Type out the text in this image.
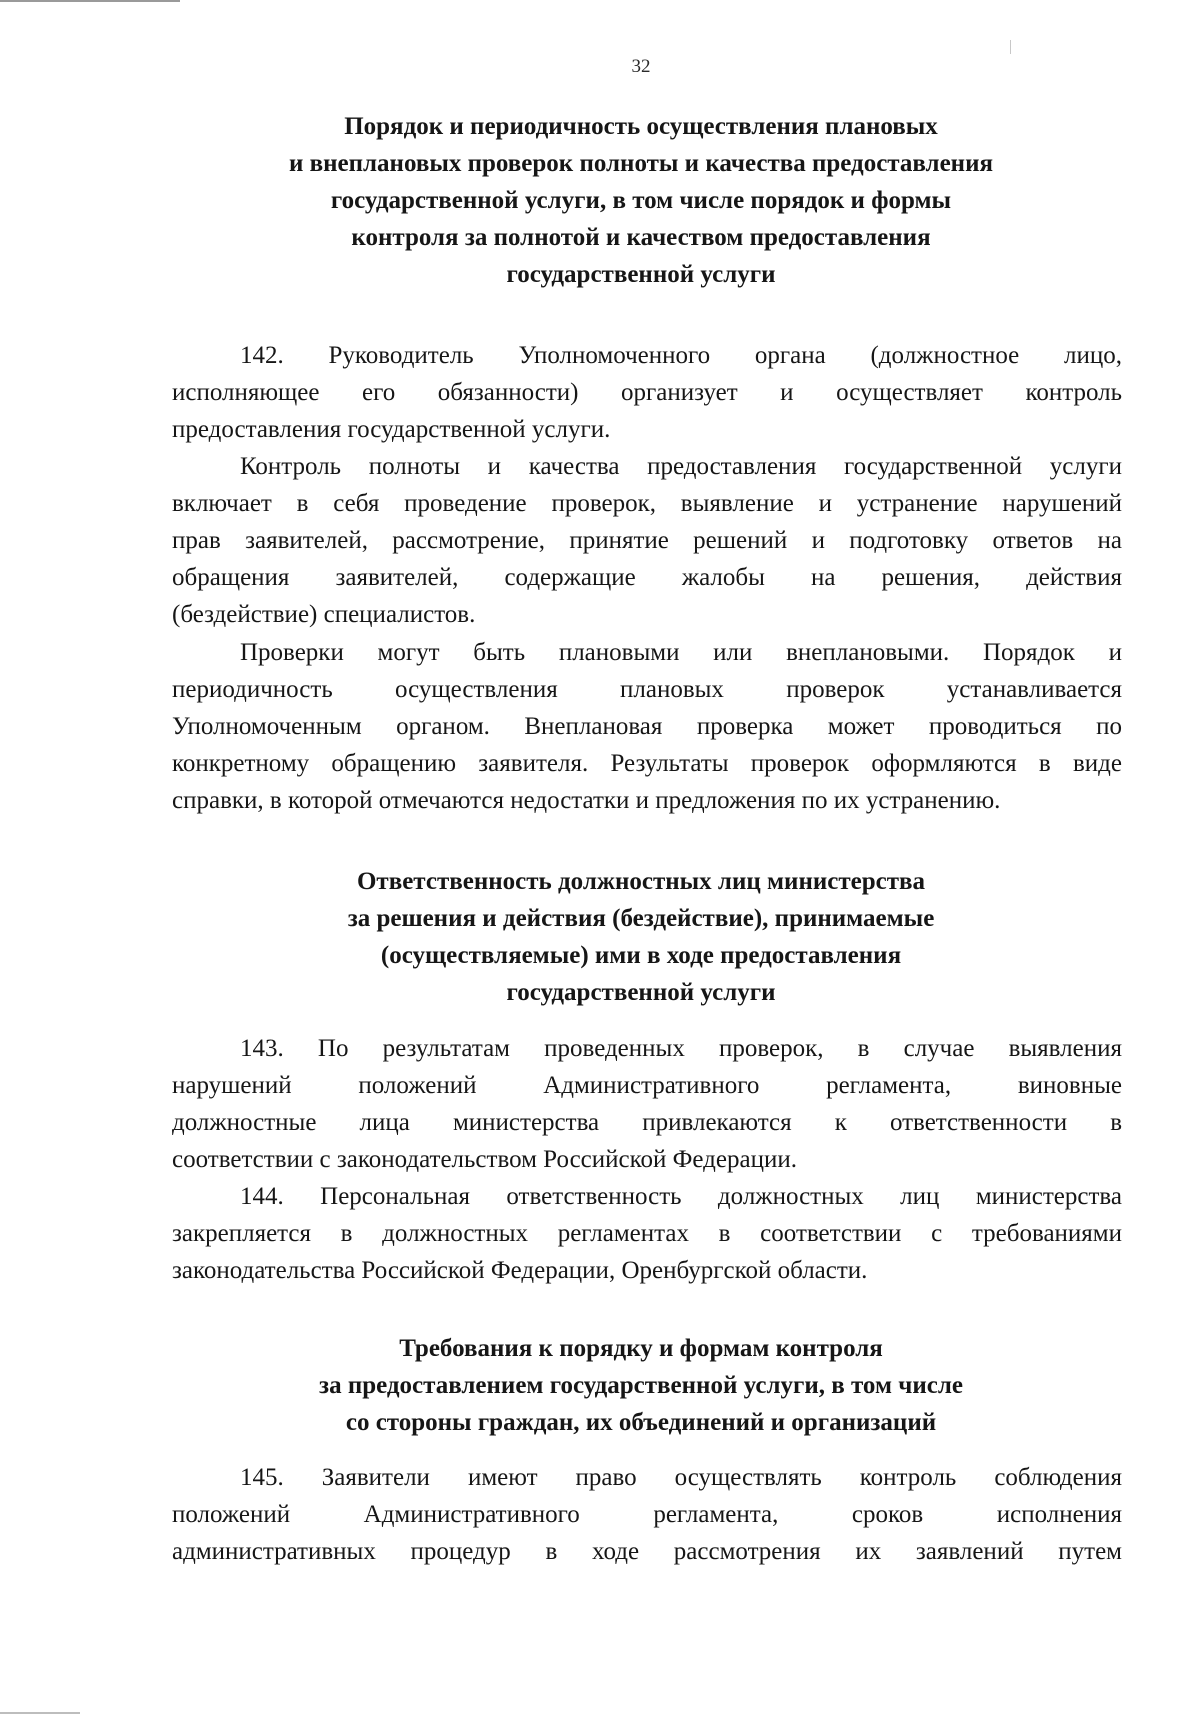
32
Порядок и периодичность осуществления плановых
и внеплановых проверок полноты и качества предоставления
государственной услуги, в том числе порядок и формы
контроля за полнотой и качеством предоставления
государственной услуги
142. Руководитель Уполномоченного органа (должностное лицо,
исполняющее его обязанности) организует и осуществляет контроль
предоставления государственной услуги.
Контроль полноты и качества предоставления государственной услуги
включает в себя проведение проверок, выявление и устранение нарушений
прав заявителей, рассмотрение, принятие решений и подготовку ответов на
обращения заявителей, содержащие жалобы на решения, действия
(бездействие) специалистов.
Проверки могут быть плановыми или внеплановыми. Порядок и
периодичность осуществления плановых проверок устанавливается
Уполномоченным органом. Внеплановая проверка может проводиться по
конкретному обращению заявителя. Результаты проверок оформляются в виде
справки, в которой отмечаются недостатки и предложения по их устранению.
Ответственность должностных лиц министерства
за решения и действия (бездействие), принимаемые
(осуществляемые) ими в ходе предоставления
государственной услуги
143. По результатам проведенных проверок, в случае выявления
нарушений положений Административного регламента, виновные
должностные лица министерства привлекаются к ответственности в
соответствии с законодательством Российской Федерации.
144. Персональная ответственность должностных лиц министерства
закрепляется в должностных регламентах в соответствии с требованиями
законодательства Российской Федерации, Оренбургской области.
Требования к порядку и формам контроля
за предоставлением государственной услуги, в том числе
со стороны граждан, их объединений и организаций
145. Заявители имеют право осуществлять контроль соблюдения
положений Административного регламента, сроков исполнения
административных процедур в ходе рассмотрения их заявлений путем
